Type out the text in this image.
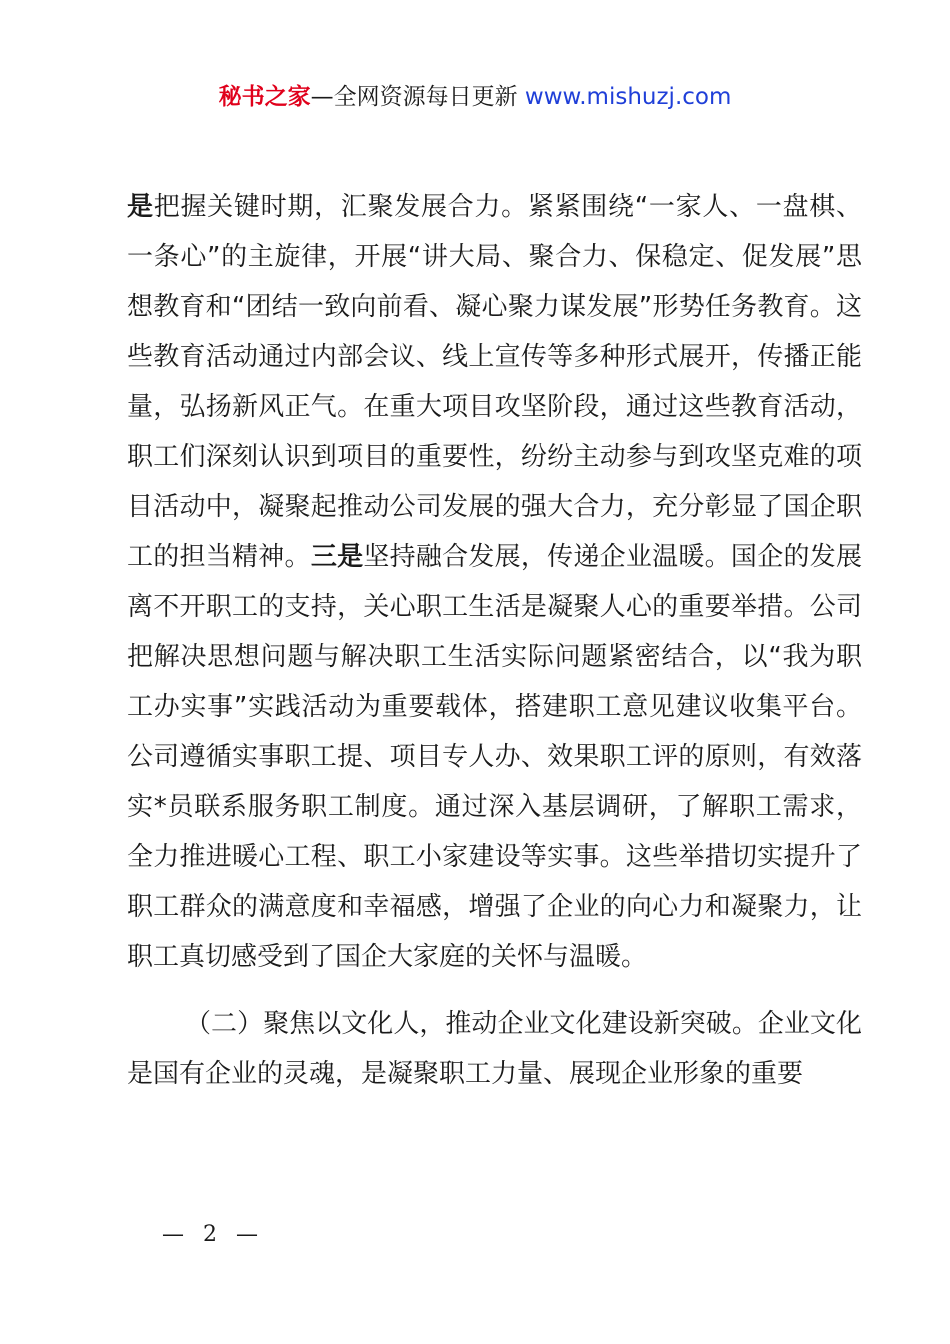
秘书之家—全网资源每日更新 www.mishuzj.com

是把握关键时期，汇聚发展合力。紧紧围绕“一家人、一盘棋、一条心”的主旋律，开展“讲大局、聚合力、保稳定、促发展”思想教育和“团结一致向前看、凝心聚力谋发展”形势任务教育。这些教育活动通过内部会议、线上宣传等多种形式展开，传播正能量，弘扬新风正气。在重大项目攻坚阶段，通过这些教育活动，职工们深刻认识到项目的重要性，纷纷主动参与到攻坚克难的项目活动中，凝聚起推动公司发展的强大合力，充分彰显了国企职工的担当精神。三是坚持融合发展，传递企业温暖。国企的发展离不开职工的支持，关心职工生活是凝聚人心的重要举措。公司把解决思想问题与解决职工生活实际问题紧密结合，以“我为职工办实事”实践活动为重要载体，搭建职工意见建议收集平台。公司遵循实事职工提、项目专人办、效果职工评的原则，有效落实*员联系服务职工制度。通过深入基层调研，了解职工需求，全力推进暖心工程、职工小家建设等实事。这些举措切实提升了职工群众的满意度和幸福感，增强了企业的向心力和凝聚力，让职工真切感受到了国企大家庭的关怀与温暖。

（二）聚焦以文化人，推动企业文化建设新突破。企业文化是国有企业的灵魂，是凝聚职工力量、展现企业形象的重要

— 2 —
